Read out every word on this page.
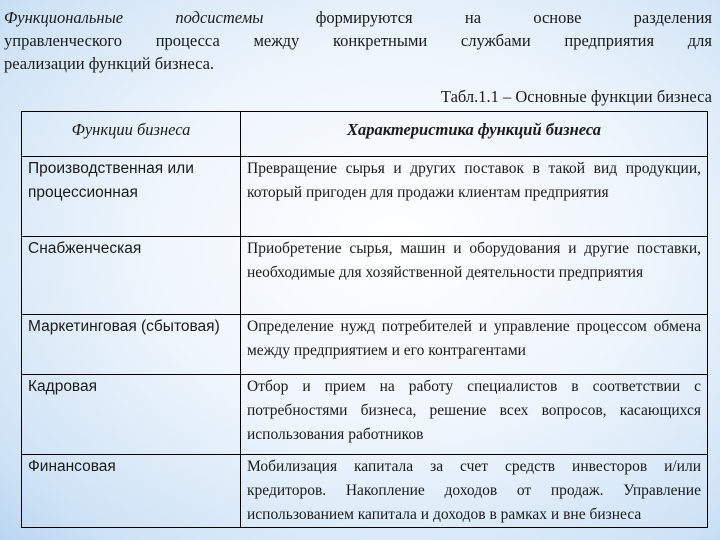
Функциональные подсистемы	формируются на основе разделения
управленческого процесса между конкретными службами предприятия для
реализации функций бизнеса.

Табл.1.1 – Основные функции бизнеса

Функции бизнеса	Характеристика функций бизнеса
Производственная или процессионная	Превращение сырья и других поставок в такой вид продукции, который пригоден для продажи клиентам предприятия
Снабженческая	Приобретение сырья, машин и оборудования и другие поставки, необходимые для хозяйственной деятельности предприятия
Маркетинговая (сбытовая)	Определение нужд потребителей и управление процессом обмена между предприятием и его контрагентами
Кадровая	Отбор и прием на работу специалистов в соответствии с потребностями бизнеса, решение всех вопросов, касающихся использования работников
Финансовая	Мобилизация капитала за счет средств инвесторов и/или кредиторов. Накопление доходов от продаж. Управление использованием капитала и доходов в рамках и вне бизнеса
